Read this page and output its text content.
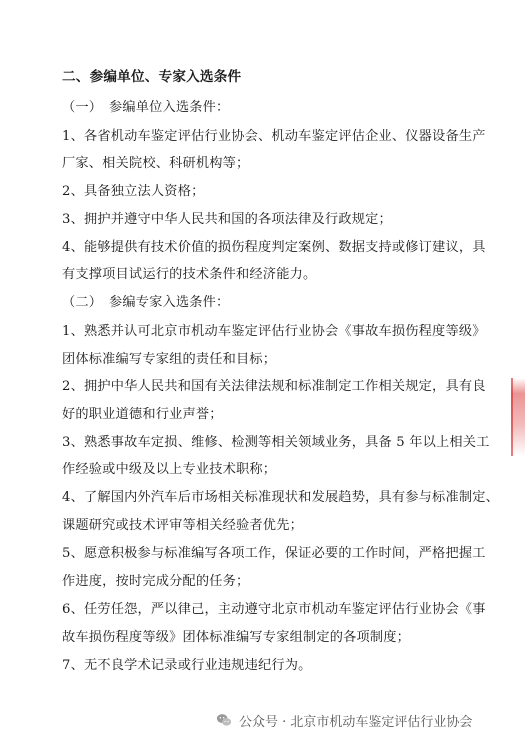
二、参编单位、专家入选条件
（一）　参编单位入选条件：
1、各省机动车鉴定评估行业协会、机动车鉴定评估企业、仪器设备生产
厂家、相关院校、科研机构等；
2、具备独立法人资格；
3、拥护并遵守中华人民共和国的各项法律及行政规定；
4、能够提供有技术价值的损伤程度判定案例、数据支持或修订建议，具
有支撑项目试运行的技术条件和经济能力。
（二）　参编专家入选条件：
1、熟悉并认可北京市机动车鉴定评估行业协会《事故车损伤程度等级》
团体标准编写专家组的责任和目标；
2、拥护中华人民共和国有关法律法规和标准制定工作相关规定，具有良
好的职业道德和行业声誉；
3、熟悉事故车定损、维修、检测等相关领域业务，具备 5 年以上相关工
作经验或中级及以上专业技术职称；
4、了解国内外汽车后市场相关标准现状和发展趋势，具有参与标准制定、
课题研究或技术评审等相关经验者优先；
5、愿意积极参与标准编写各项工作，保证必要的工作时间，严格把握工
作进度，按时完成分配的任务；
6、任劳任怨，严以律己，主动遵守北京市机动车鉴定评估行业协会《事
故车损伤程度等级》团体标准编写专家组制定的各项制度；
7、无不良学术记录或行业违规违纪行为。
公众号 · 北京市机动车鉴定评估行业协会
